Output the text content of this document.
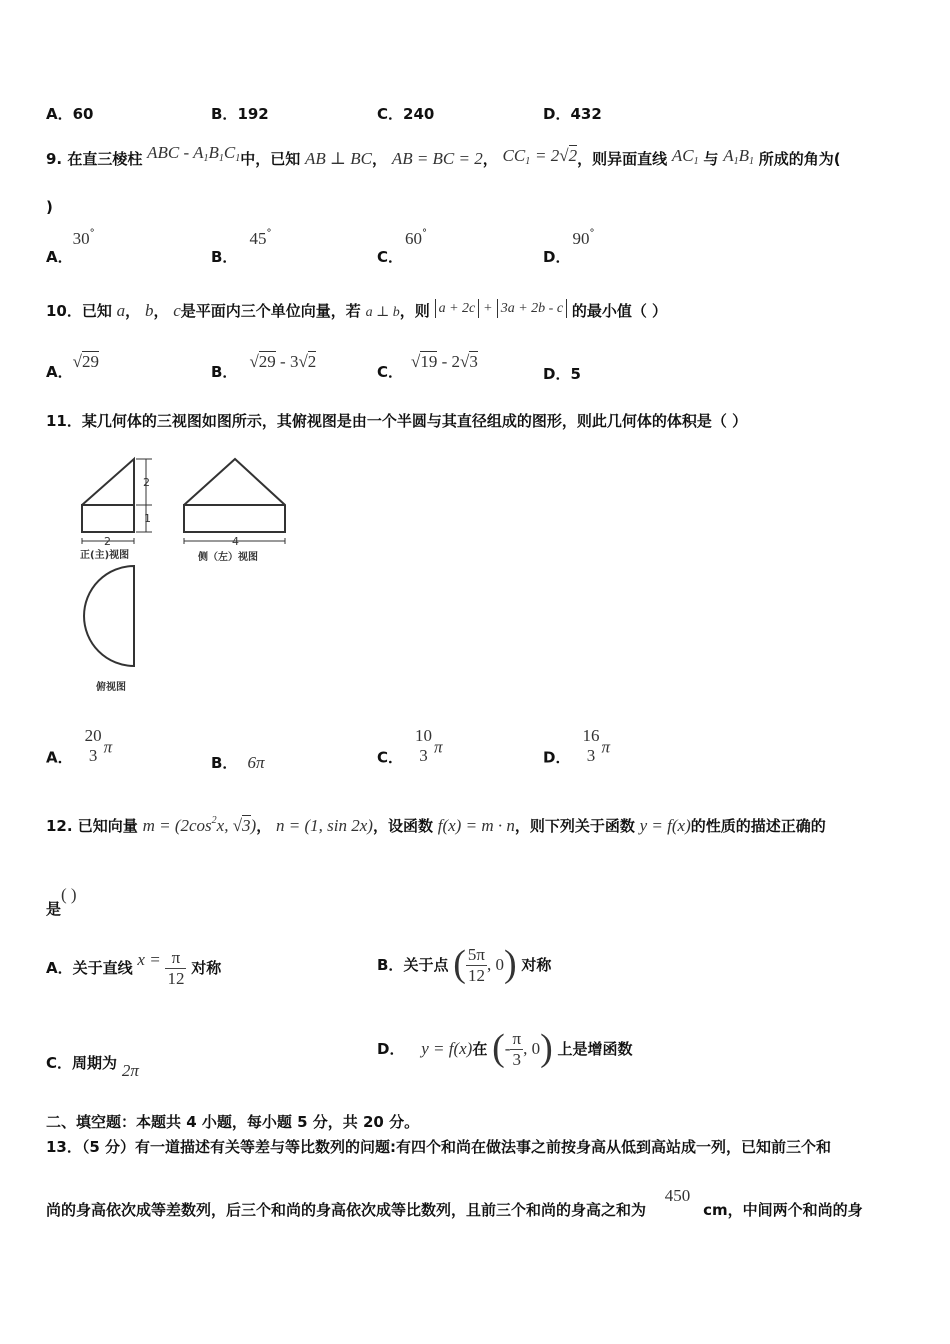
A．60	B．192	C．240	D．432
9. 在直三棱柱 ABC - $A_1B_1C_1$中，已知 AB ⊥ BC， AB = BC = 2， $CC_1 = 2√2$，则异面直线 $AC_1$ 与 $A_1B_1$ 所成的角为(
)
A．30°
B．45°
C．60°
D．90°
10．已知 a， b， c是平面内三个单位向量，若 a ⊥ b，则 a + 2c + 3a + 2b - c 的最小值（ ）
A．√29
B．√29 - 3√2
C．√19 - 2√3
D．5
11．某几何体的三视图如图所示，其俯视图是由一个半圆与其直径组成的图形，则此几何体的体积是（ ）
2
1
2
正(主)视图
4
侧（左）视图
俯视图
A．
20
3 π
B． 6π	C．
10
3 π
D．
16
3 π
12. 已知向量 $m = (2\cos^2x$, √3)， n = (1, sin 2x)，设函数 f(x) = m · n，则下列关于函数 y = f(x)的性质的描述正确的
是( )
A．关于直线 $x = \frac{\pi}{12}$ 对称	B．关于点 ( $\frac{5\pi}{12}$ , 0) 对称
C．周期为 2π
D． y = f(x)在 (- $\frac{\pi}{3}$ , 0) 上是增函数
二、填空题：本题共 4 小题，每小题 5 分，共 20 分。
13．（5 分）有一道描述有关等差与等比数列的问题:有四个和尚在做法事之前按身高从低到高站成一列，已知前三个和
尚的身高依次成等差数列，后三个和尚的身高依次成等比数列，且前三个和尚的身高之和为 450 cm，中间两个和尚的身
